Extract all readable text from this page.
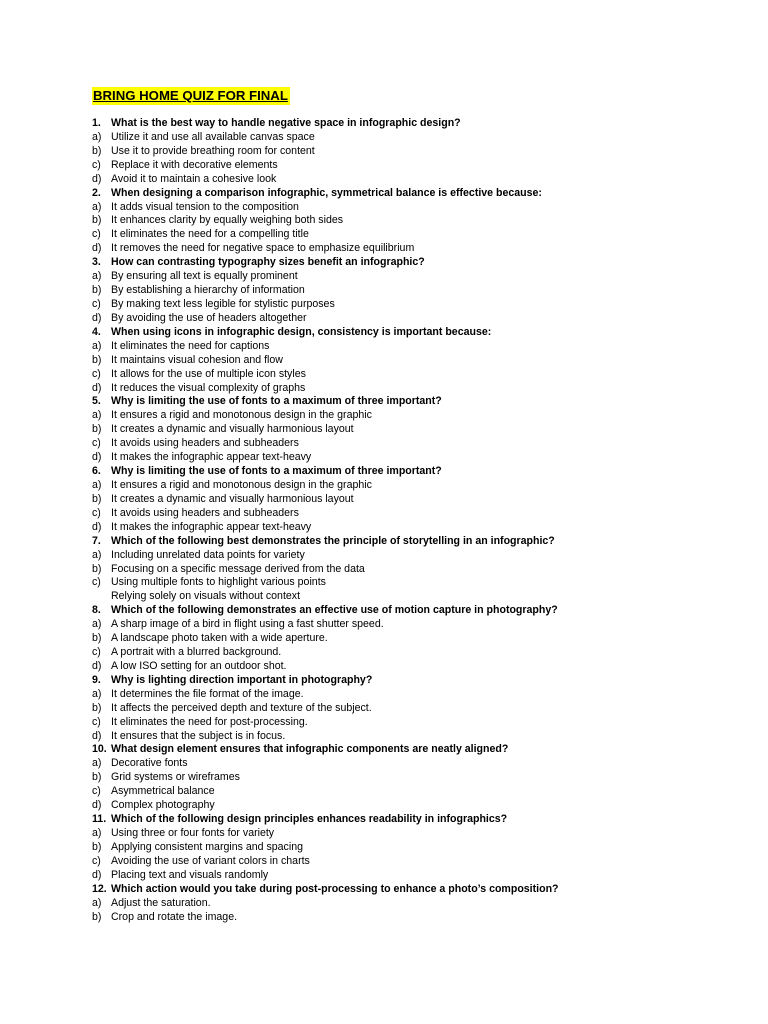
BRING HOME QUIZ FOR FINAL
1. What is the best way to handle negative space in infographic design?
a) Utilize it and use all available canvas space
b) Use it to provide breathing room for content
c) Replace it with decorative elements
d) Avoid it to maintain a cohesive look
2. When designing a comparison infographic, symmetrical balance is effective because:
a) It adds visual tension to the composition
b) It enhances clarity by equally weighing both sides
c) It eliminates the need for a compelling title
d) It removes the need for negative space to emphasize equilibrium
3. How can contrasting typography sizes benefit an infographic?
a) By ensuring all text is equally prominent
b) By establishing a hierarchy of information
c) By making text less legible for stylistic purposes
d) By avoiding the use of headers altogether
4. When using icons in infographic design, consistency is important because:
a) It eliminates the need for captions
b) It maintains visual cohesion and flow
c) It allows for the use of multiple icon styles
d) It reduces the visual complexity of graphs
5. Why is limiting the use of fonts to a maximum of three important?
a) It ensures a rigid and monotonous design in the graphic
b) It creates a dynamic and visually harmonious layout
c) It avoids using headers and subheaders
d) It makes the infographic appear text-heavy
6. Why is limiting the use of fonts to a maximum of three important?
a) It ensures a rigid and monotonous design in the graphic
b) It creates a dynamic and visually harmonious layout
c) It avoids using headers and subheaders
d) It makes the infographic appear text-heavy
7. Which of the following best demonstrates the principle of storytelling in an infographic?
a) Including unrelated data points for variety
b) Focusing on a specific message derived from the data
c) Using multiple fonts to highlight various points
Relying solely on visuals without context
8. Which of the following demonstrates an effective use of motion capture in photography?
a) A sharp image of a bird in flight using a fast shutter speed.
b) A landscape photo taken with a wide aperture.
c) A portrait with a blurred background.
d) A low ISO setting for an outdoor shot.
9. Why is lighting direction important in photography?
a) It determines the file format of the image.
b) It affects the perceived depth and texture of the subject.
c) It eliminates the need for post-processing.
d) It ensures that the subject is in focus.
10. What design element ensures that infographic components are neatly aligned?
a) Decorative fonts
b) Grid systems or wireframes
c) Asymmetrical balance
d) Complex photography
11. Which of the following design principles enhances readability in infographics?
a) Using three or four fonts for variety
b) Applying consistent margins and spacing
c) Avoiding the use of variant colors in charts
d) Placing text and visuals randomly
12. Which action would you take during post-processing to enhance a photo’s composition?
a) Adjust the saturation.
b) Crop and rotate the image.
